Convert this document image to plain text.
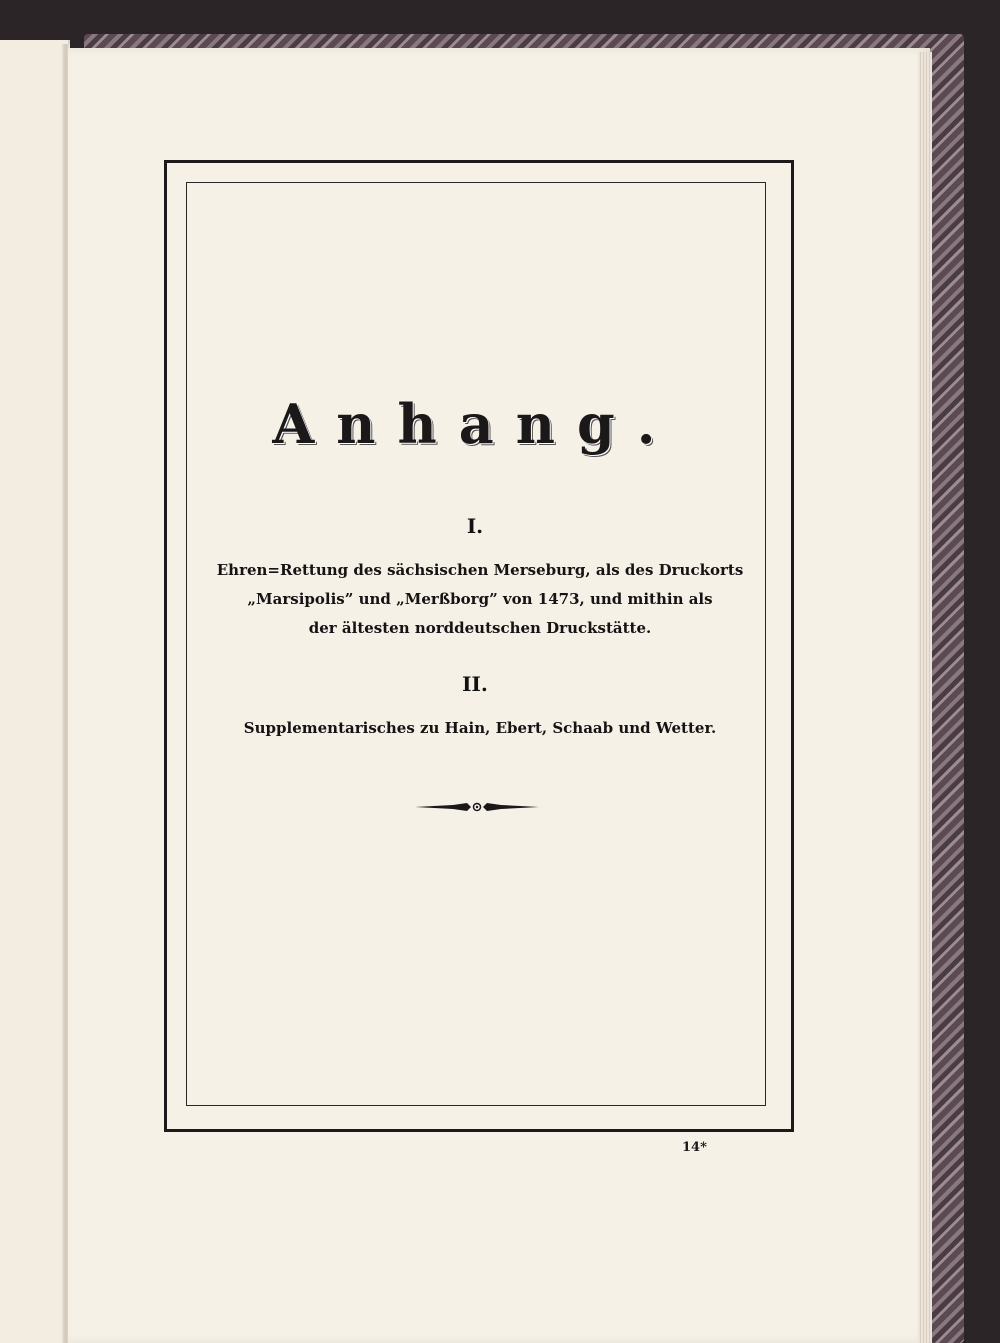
Anhang.
I.
Ehren=Rettung des sächsischen Merseburg, als des Druckorts
„Marsipolis” und „Merßborg” von 1473, und mithin als
der ältesten norddeutschen Druckstätte.
II.
Supplementarisches zu Hain, Ebert, Schaab und Wetter.
14*
